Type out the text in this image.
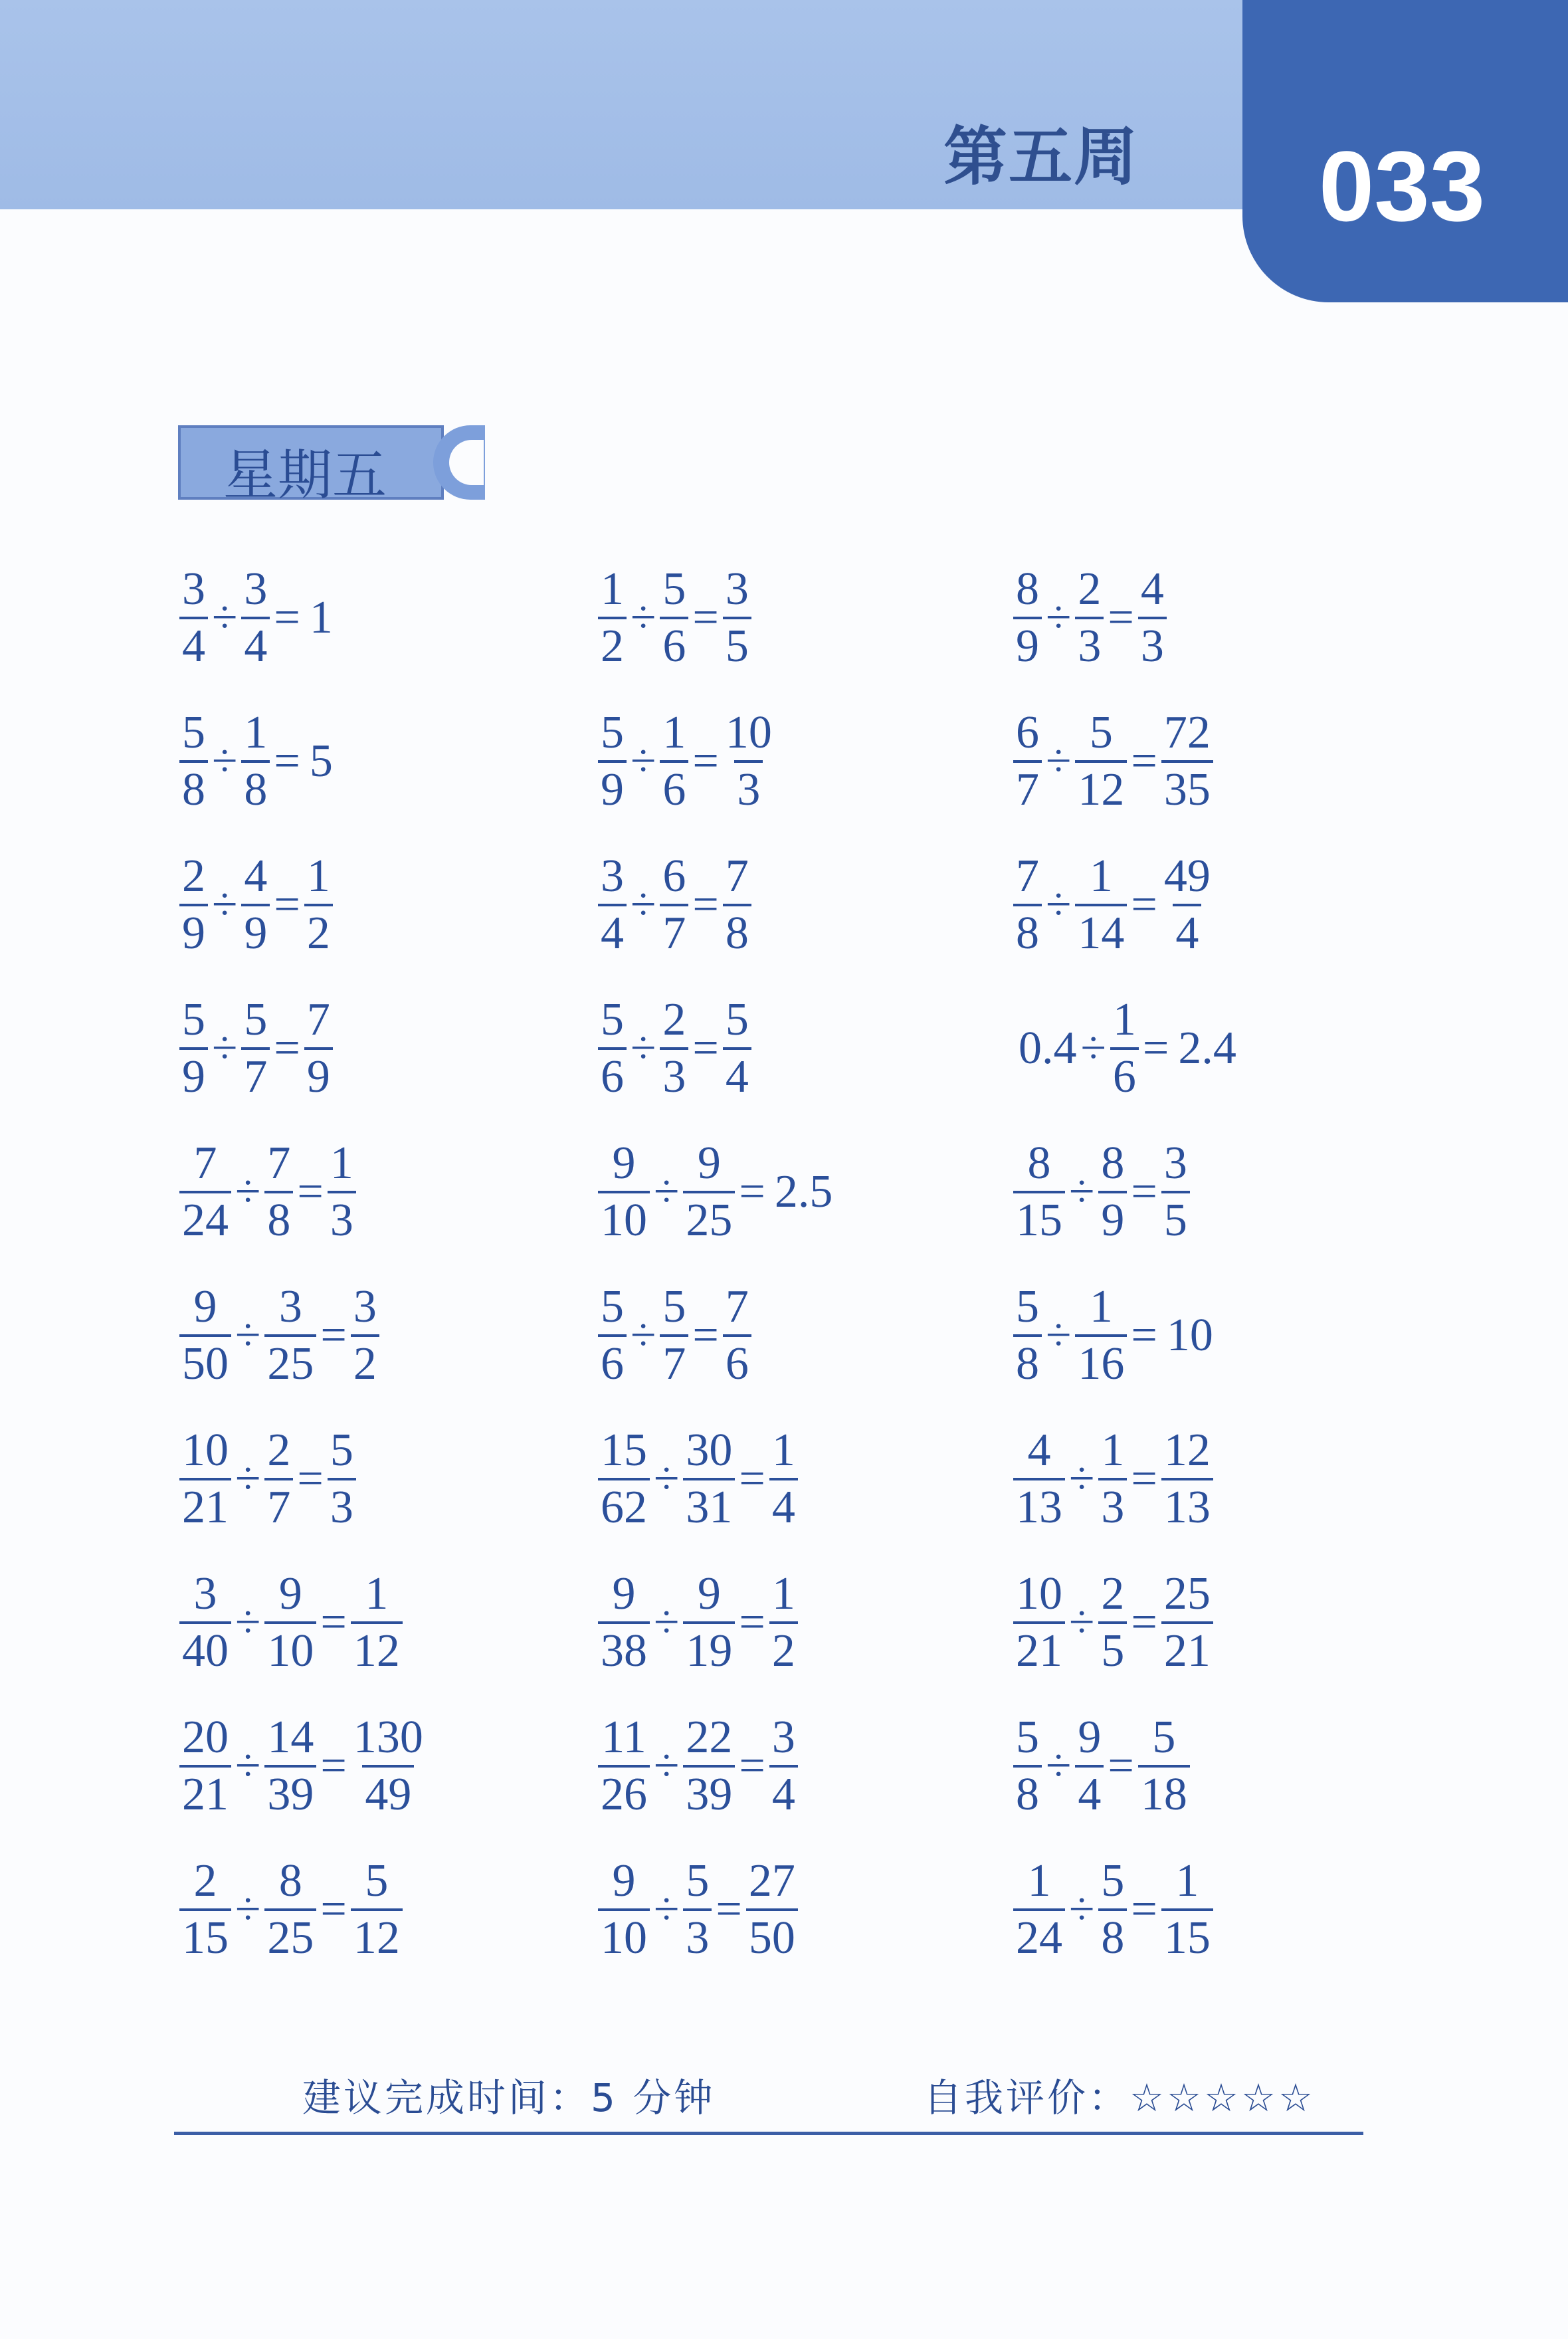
第五周 033
星期五
$\frac{3}{4} \div \frac{3}{4} = 1$	$\frac{1}{2} \div \frac{5}{6} = \frac{3}{5}$	$\frac{8}{9} \div \frac{2}{3} = \frac{4}{3}$
$\frac{5}{8} \div \frac{1}{8} = 5$	$\frac{5}{9} \div \frac{1}{6} = \frac{10}{3}$	$\frac{6}{7} \div \frac{5}{12} = \frac{72}{35}$
$\frac{2}{9} \div \frac{4}{9} = \frac{1}{2}$	$\frac{3}{4} \div \frac{6}{7} = \frac{7}{8}$	$\frac{7}{8} \div \frac{1}{14} = \frac{49}{4}$
$\frac{5}{9} \div \frac{5}{7} = \frac{7}{9}$	$\frac{5}{6} \div \frac{2}{3} = \frac{5}{4}$	$0.4 \div \frac{1}{6} = 2.4$
$\frac{7}{24} \div \frac{7}{8} = \frac{1}{3}$	$\frac{9}{10} \div \frac{9}{25} = 2.5$	$\frac{8}{15} \div \frac{8}{9} = \frac{3}{5}$
$\frac{9}{50} \div \frac{3}{25} = \frac{3}{2}$	$\frac{5}{6} \div \frac{5}{7} = \frac{7}{6}$	$\frac{5}{8} \div \frac{1}{16} = 10$
$\frac{10}{21} \div \frac{2}{7} = \frac{5}{3}$	$\frac{15}{62} \div \frac{30}{31} = \frac{1}{4}$	$\frac{4}{13} \div \frac{1}{3} = \frac{12}{13}$
$\frac{3}{40} \div \frac{9}{10} = \frac{1}{12}$	$\frac{9}{38} \div \frac{9}{19} = \frac{1}{2}$	$\frac{10}{21} \div \frac{2}{5} = \frac{25}{21}$
$\frac{20}{21} \div \frac{14}{39} = \frac{130}{49}$	$\frac{11}{26} \div \frac{22}{39} = \frac{3}{4}$	$\frac{5}{8} \div \frac{9}{4} = \frac{5}{18}$
$\frac{2}{15} \div \frac{8}{25} = \frac{5}{12}$	$\frac{9}{10} \div \frac{5}{3} = \frac{27}{50}$	$\frac{1}{24} \div \frac{5}{8} = \frac{1}{15}$
建议完成时间：5 分钟	自我评价：☆☆☆☆☆
